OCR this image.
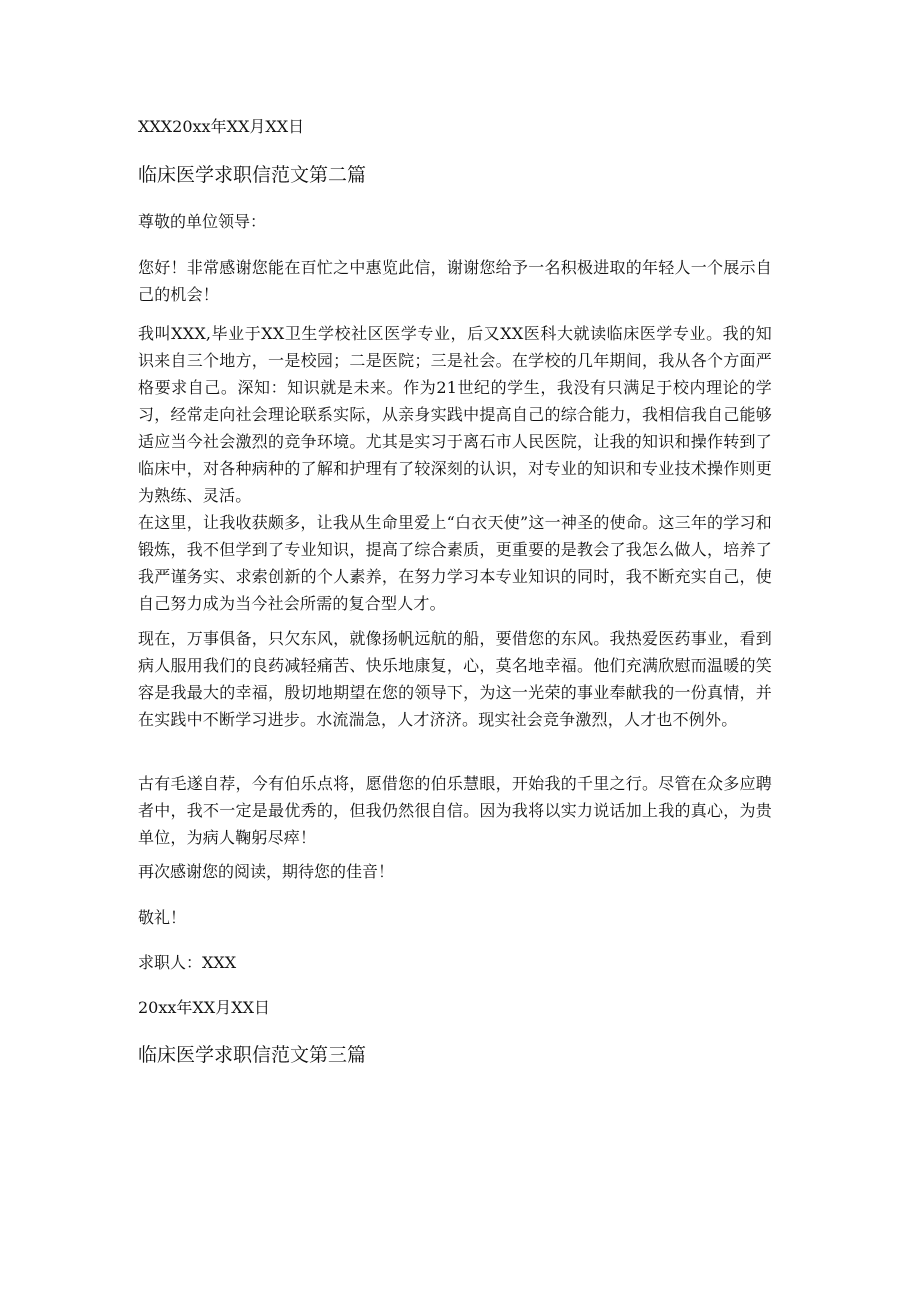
XXX20xx年XX月XX日

临床医学求职信范文第二篇

尊敬的单位领导：

您好！非常感谢您能在百忙之中惠览此信，谢谢您给予一名积极进取的年轻人一个展示自己的机会！

我叫XXX,毕业于XX卫生学校社区医学专业，后又XX医科大就读临床医学专业。我的知识来自三个地方，一是校园；二是医院；三是社会。在学校的几年期间，我从各个方面严格要求自己。深知：知识就是未来。作为21世纪的学生，我没有只满足于校内理论的学习，经常走向社会理论联系实际，从亲身实践中提高自己的综合能力，我相信我自己能够适应当今社会激烈的竞争环境。尤其是实习于离石市人民医院，让我的知识和操作转到了临床中，对各种病种的了解和护理有了较深刻的认识，对专业的知识和专业技术操作则更为熟练、灵活。

在这里，让我收获颇多，让我从生命里爱上“白衣天使”这一神圣的使命。这三年的学习和锻炼，我不但学到了专业知识，提高了综合素质，更重要的是教会了我怎么做人，培养了我严谨务实、求索创新的个人素养，在努力学习本专业知识的同时，我不断充实自己，使自己努力成为当今社会所需的复合型人才。

现在，万事俱备，只欠东风，就像扬帆远航的船，要借您的东风。我热爱医药事业，看到病人服用我们的良药减轻痛苦、快乐地康复，心，莫名地幸福。他们充满欣慰而温暖的笑容是我最大的幸福，殷切地期望在您的领导下，为这一光荣的事业奉献我的一份真情，并在实践中不断学习进步。水流湍急，人才济济。现实社会竞争激烈，人才也不例外。

古有毛遂自荐，今有伯乐点将，愿借您的伯乐慧眼，开始我的千里之行。尽管在众多应聘者中，我不一定是最优秀的，但我仍然很自信。因为我将以实力说话加上我的真心，为贵单位，为病人鞠躬尽瘁！

再次感谢您的阅读，期待您的佳音！

敬礼！

求职人：XXX

20xx年XX月XX日

临床医学求职信范文第三篇
